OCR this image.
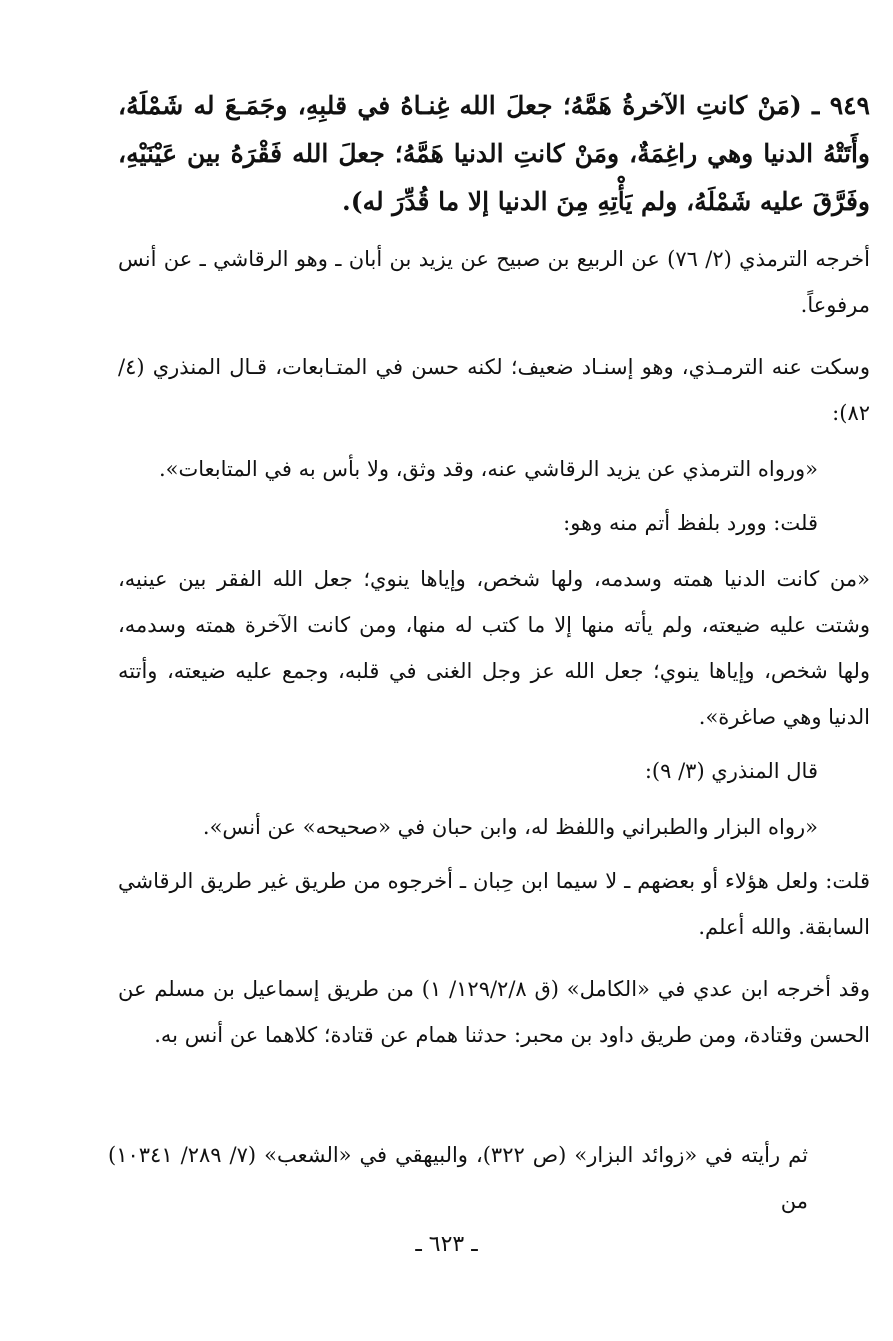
٩٤٩ ـ (مَنْ كانتِ الآخرةُ هَمَّهُ؛ جعلَ الله غِنـاهُ في قلبِهِ، وجَمَـعَ له شَمْلَهُ، وأَتَتْهُ الدنيا وهي راغِمَةٌ، ومَنْ كانتِ الدنيا هَمَّهُ؛ جعلَ الله فَقْرَهُ بين عَيْنَيْهِ، وفَرَّقَ عليه شَمْلَهُ، ولم يَأْتِهِ مِنَ الدنيا إلا ما قُدِّرَ له).

أخرجه الترمذي (٢/ ٧٦) عن الربيع بن صبيح عن يزيد بن أبان ـ وهو الرقاشي ـ عن أنس مرفوعاً.

وسكت عنه الترمـذي، وهو إسنـاد ضعيف؛ لكنه حسن في المتـابعات، قـال المنذري (٤/ ٨٢):

«ورواه الترمذي عن يزيد الرقاشي عنه، وقد وثق، ولا بأس به في المتابعات».

قلت: وورد بلفظ أتم منه وهو:

«من كانت الدنيا همته وسدمه، ولها شخص، وإياها ينوي؛ جعل الله الفقر بين عينيه، وشتت عليه ضيعته، ولم يأته منها إلا ما كتب له منها، ومن كانت الآخرة همته وسدمه، ولها شخص، وإياها ينوي؛ جعل الله عز وجل الغنى في قلبه، وجمع عليه ضيعته، وأتته الدنيا وهي صاغرة».

قال المنذري (٣/ ٩):

«رواه البزار والطبراني واللفظ له، وابن حبان في «صحيحه» عن أنس».

قلت: ولعل هؤلاء أو بعضهم ـ لا سيما ابن حِبان ـ أخرجوه من طريق غير طريق الرقاشي السابقة. والله أعلم.

وقد أخرجه ابن عدي في «الكامل» (ق ١٢٩/٢/٨/ ١) من طريق إسماعيل بن مسلم عن الحسن وقتادة، ومن طريق داود بن محبر: حدثنا همام عن قتادة؛ كلاهما عن أنس به.

ثم رأيته في «زوائد البزار» (ص ٣٢٢)، والبيهقي في «الشعب» (٧/ ٢٨٩/ ١٠٣٤١) من

ـ ٦٢٣ ـ
